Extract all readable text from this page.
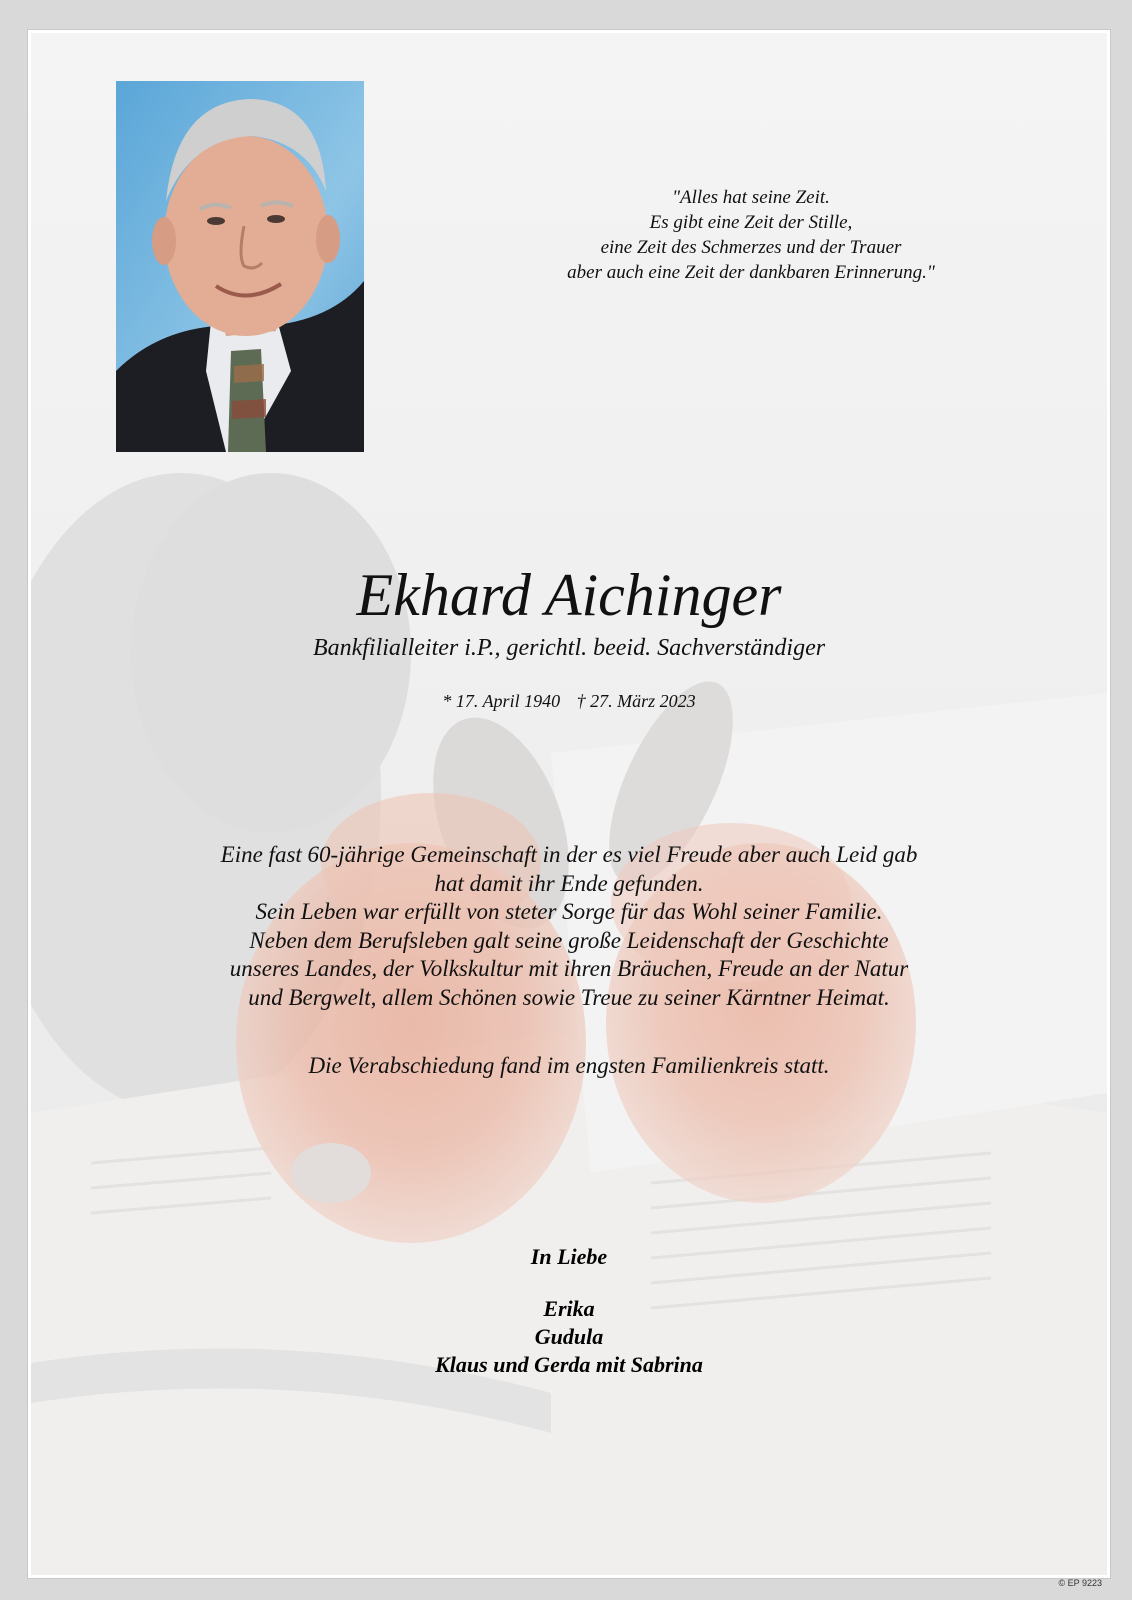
"Alles hat seine Zeit.
Es gibt eine Zeit der Stille,
eine Zeit des Schmerzes und der Trauer
aber auch eine Zeit der dankbaren Erinnerung."
Ekhard Aichinger
Bankfilialleiter i.P., gerichtl. beeid. Sachverständiger
* 17. April 1940 † 27. März 2023
Eine fast 60-jährige Gemeinschaft in der es viel Freude aber auch Leid gab
hat damit ihr Ende gefunden.
Sein Leben war erfüllt von steter Sorge für das Wohl seiner Familie.
Neben dem Berufsleben galt seine große Leidenschaft der Geschichte
unseres Landes, der Volkskultur mit ihren Bräuchen, Freude an der Natur
und Bergwelt, allem Schönen sowie Treue zu seiner Kärntner Heimat.
Die Verabschiedung fand im engsten Familienkreis statt.
In Liebe
Erika
Gudula
Klaus und Gerda mit Sabrina
© EP 9223
